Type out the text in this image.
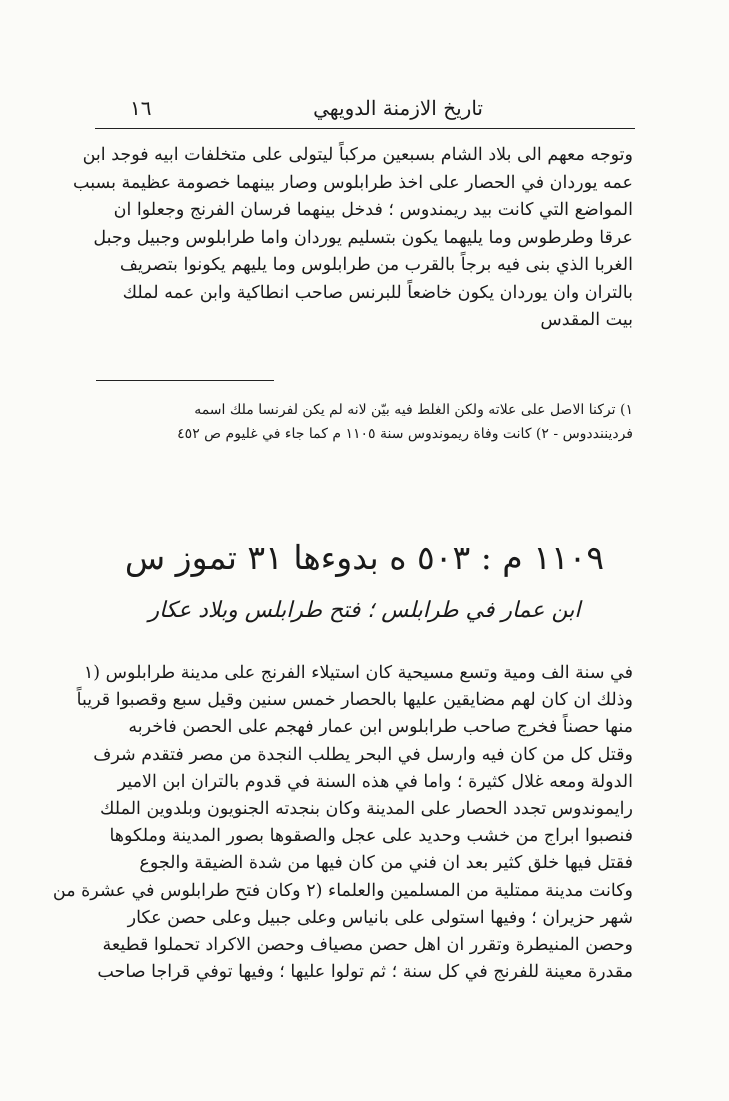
تاريخ الازمنة الدويهي
١٦
وتوجه معهم الى بلاد الشام بسبعين مركباً ليتولى على متخلفات ابيه فوجد ابن
عمه يوردان في الحصار على اخذ طرابلوس وصار بينهما خصومة عظيمة بسبب
المواضع التي كانت بيد ريمندوس ؛ فدخل بينهما فرسان الفرنج وجعلوا ان
عرقا وطرطوس وما يليهما يكون بتسليم يوردان واما طرابلوس وجبيل وجبل
الغربا الذي بنى فيه برجاً بالقرب من طرابلوس وما يليهم يكونوا بتصريف
بالتران وان يوردان يكون خاضعاً للبرنس صاحب انطاكية وابن عمه لملك
بيت المقدس
١) تركنا الاصل على علاته ولكن الغلط فيه بيّن لانه لم يكن لفرنسا ملك اسمه
فرديننددوس - ٢) كانت وفاة ريموندوس سنة ١١٠٥ م كما جاء في غليوم ص ٤٥٢
١١٠٩ م : ٥٠٣ ه بدوءها ٣١ تموز س
ابن عمار في طرابلس ؛ فتح طرابلس وبلاد عكار
في سنة الف ومية وتسع مسيحية كان استيلاء الفرنج على مدينة طرابلوس (١
وذلك ان كان لهم مضايقين عليها بالحصار خمس سنين وقيل سبع وقصبوا قريباً
منها حصناً فخرج صاحب طرابلوس ابن عمار فهجم على الحصن فاخربه
وقتل كل من كان فيه وارسل في البحر يطلب النجدة من مصر فتقدم شرف
الدولة ومعه غلال كثيرة ؛ واما في هذه السنة في قدوم بالتران ابن الامير
رايموندوس تجدد الحصار على المدينة وكان بنجدته الجنويون وبلدوين الملك
فنصبوا ابراج من خشب وحديد على عجل والصقوها بصور المدينة وملكوها
فقتل فيها خلق كثير بعد ان فني من كان فيها من شدة الضيقة والجوع
وكانت مدينة ممتلية من المسلمين والعلماء (٢ وكان فتح طرابلوس في عشرة من
شهر حزيران ؛ وفيها استولى على بانياس وعلى جبيل وعلى حصن عكار
وحصن المنيطرة وتقرر ان اهل حصن مصياف وحصن الاكراد تحملوا قطيعة
مقدرة معينة للفرنج في كل سنة ؛ ثم تولوا عليها ؛ وفيها توفي قراجا صاحب
